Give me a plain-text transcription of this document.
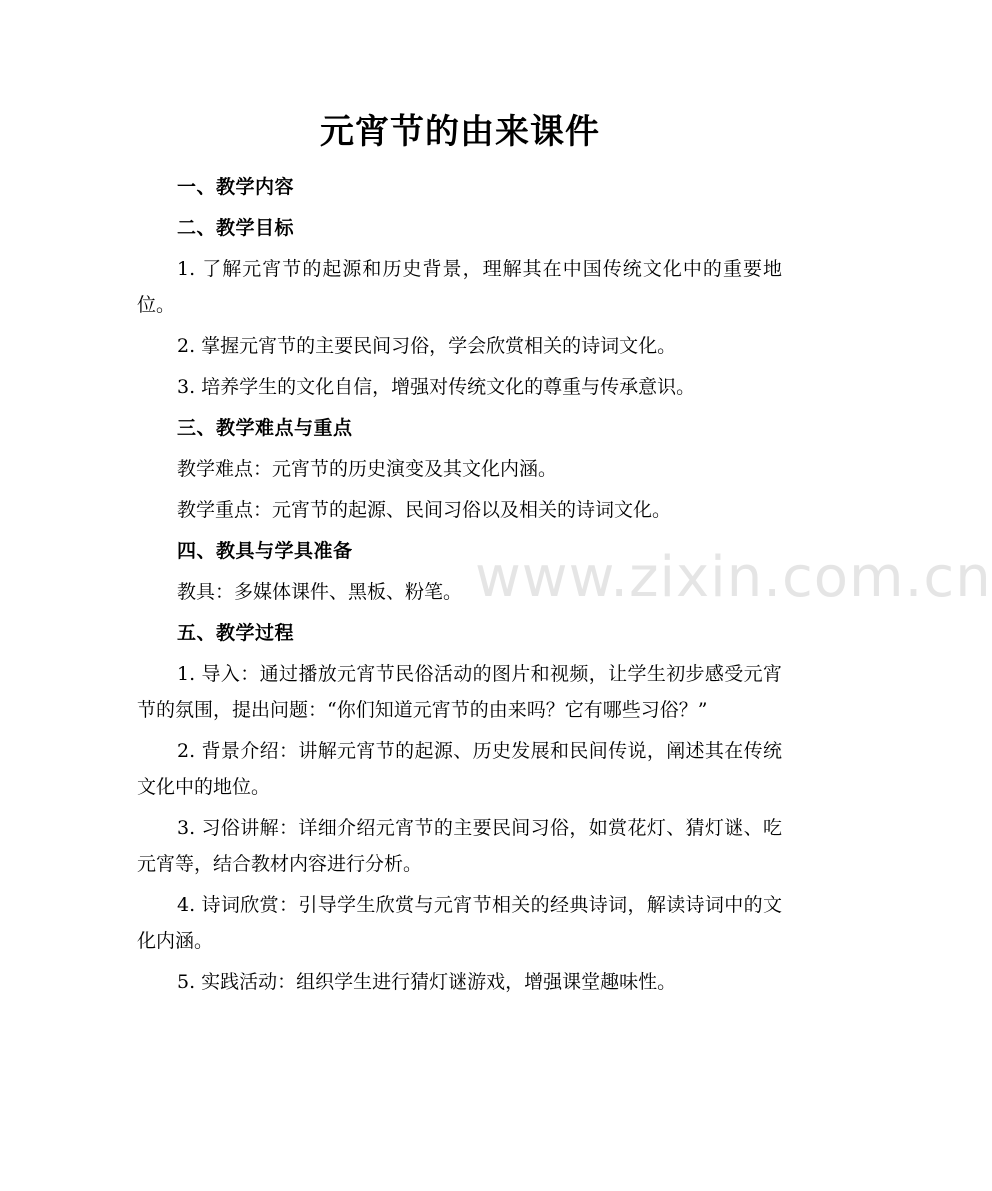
元宵节的由来课件

一、教学内容

二、教学目标

1. 了解元宵节的起源和历史背景，理解其在中国传统文化中的重要地位。

2. 掌握元宵节的主要民间习俗，学会欣赏相关的诗词文化。

3. 培养学生的文化自信，增强对传统文化的尊重与传承意识。

三、教学难点与重点

教学难点：元宵节的历史演变及其文化内涵。

教学重点：元宵节的起源、民间习俗以及相关的诗词文化。

四、教具与学具准备

教具：多媒体课件、黑板、粉笔。

五、教学过程

1. 导入：通过播放元宵节民俗活动的图片和视频，让学生初步感受元宵节的氛围，提出问题：“你们知道元宵节的由来吗？它有哪些习俗？”

2. 背景介绍：讲解元宵节的起源、历史发展和民间传说，阐述其在传统文化中的地位。

3. 习俗讲解：详细介绍元宵节的主要民间习俗，如赏花灯、猜灯谜、吃元宵等，结合教材内容进行分析。

4. 诗词欣赏：引导学生欣赏与元宵节相关的经典诗词，解读诗词中的文化内涵。

5. 实践活动：组织学生进行猜灯谜游戏，增强课堂趣味性。

www.zixin.com.cn
